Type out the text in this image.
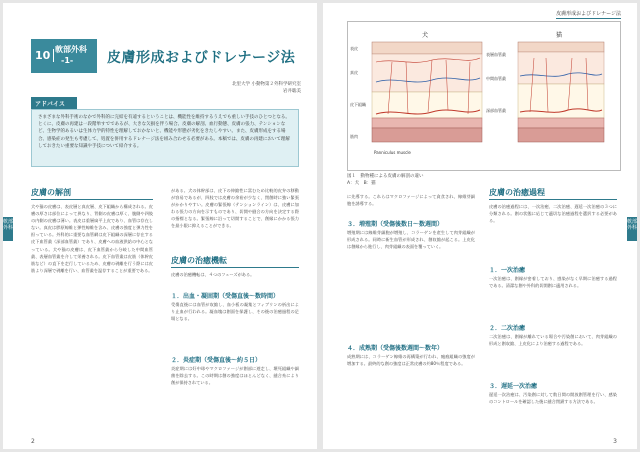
軟部外科
10 軟部外科
-1- 皮膚形成およびドレナージ法
北里大学 小動物第２外科学研究室
岩井聡美
アドバイス
さまざまな外科手術のなかで外科的に完結を有遠するということは、機能性を維持するうえでも重しい手技のひとつとなる。とくに、皮膚の再建は一段階単すでであるが、大きな欠損を伴う場合、皮膚の解剖、血行動態、皮膚の張力、テンションなど、生物学的あるいは生体力学的特性を理解しておかないと、機能や形態が劣化をきたしやすい。また、皮膚形成をする場合、感染症の発生も考慮して、処置を併用するドレナージ法を組み合わせる必要がある。本稿では、皮膚の再建において理解しておきたい重要な知識や手技について紹介する。
皮膚の解剖
犬や猫の皮膚は、表皮層と真皮層、皮下組織から構成される。皮膚の厚さは部位によって異なり、背側の皮膚は厚く、腹側や四肢の内側の皮膚は薄い。表皮は重層扁平上皮であり、血管は存在しない。真皮は膠原線維と弾性線維を含み、皮膚の強度と弾力性を担っている。外科的に重要な血管網は皮下組織の深層に存在する皮下血管叢（深部血管叢）であり、皮膚への血液供給の中心となっている。犬や猫の皮膚は、皮下血管叢から分岐した中間血管叢、表層血管叢を介して栄養される。皮下血管叢は皮筋（体幹皮筋など）の直下を走行しているため、皮膚の剥離を行う際には皮筋より深層で剥離を行い、血管叢を温存することが重要である。
がある。犬の体幹部は、皮下の伸縮性に富むため比較的皮弁の移動が容易であるが、四肢では皮膚の余裕が少なく、閉創時に強い緊張がかかりやすい。皮膚の緊張線（テンションライン）は、皮膚に加わる張力の方向を示すものであり、切開や縫合の方向を決定する際の指標となる。緊張線に沿って切開することで、創縁にかかる張力を最小限に抑えることができる。
皮膚の治癒機転
皮膚の治癒機転は、４つのフェーズがある。
１．出血・凝固期（受傷直後〜数時間）
受傷直後には血管が収縮し、血小板の凝集とフィブリンの析出により止血が行われる。凝血塊は創面を保護し、その後の治癒過程の足場となる。
２．炎症期（受傷直後〜約５日）
炎症期には好中球やマクロファージが創部に遊走し、壊死組織や細菌を除去する。この時期は創の強度はほとんどなく、縫合糸により創が保持されている。
2
皮膚形成およびドレナージ法
軟部外科
犬	猫
表皮
真皮
皮下組織
筋肉
表層血管叢
中間血管叢
深部血管叢
Panniculus muscle
図１　動物種による皮膚の解剖の違い
A：犬　B：猫
に先導する。これらはマクロファージによって貪食され、線維芽細胞を誘導する。
３．増殖期（受傷後数日〜数週間）
増殖期には線維芽細胞が増殖し、コラーゲンを産生して肉芽組織が形成される。同時に新生血管が形成され、創収縮が起こる。上皮化は創縁から進行し、肉芽組織の表面を覆っていく。
４．成熟期（受傷後数週間〜数年）
成熟期には、コラーゲン線維の再構築が行われ、瘢痕組織の強度が増加する。最終的な創の強度は正常皮膚の約80％程度である。
皮膚の治癒過程
皮膚の治癒過程には、一次治癒、二次治癒、遅延一次治癒の３つに分類される。創の状態に応じて適切な治癒過程を選択する必要がある。
１．一次治癒
一次治癒は、創縁が密着しており、感染がなく早期に治癒する過程である。清潔な創や外科的切開創に適用される。
２．二次治癒
二次治癒は、創縁が離れている場合や汚染創において、肉芽組織の形成と創収縮、上皮化により治癒する過程である。
３．遅延一次治癒
遅延一次治癒は、汚染創に対して数日間の開放創管理を行い、感染のコントロールを確認した後に縫合閉鎖する方法である。
3
